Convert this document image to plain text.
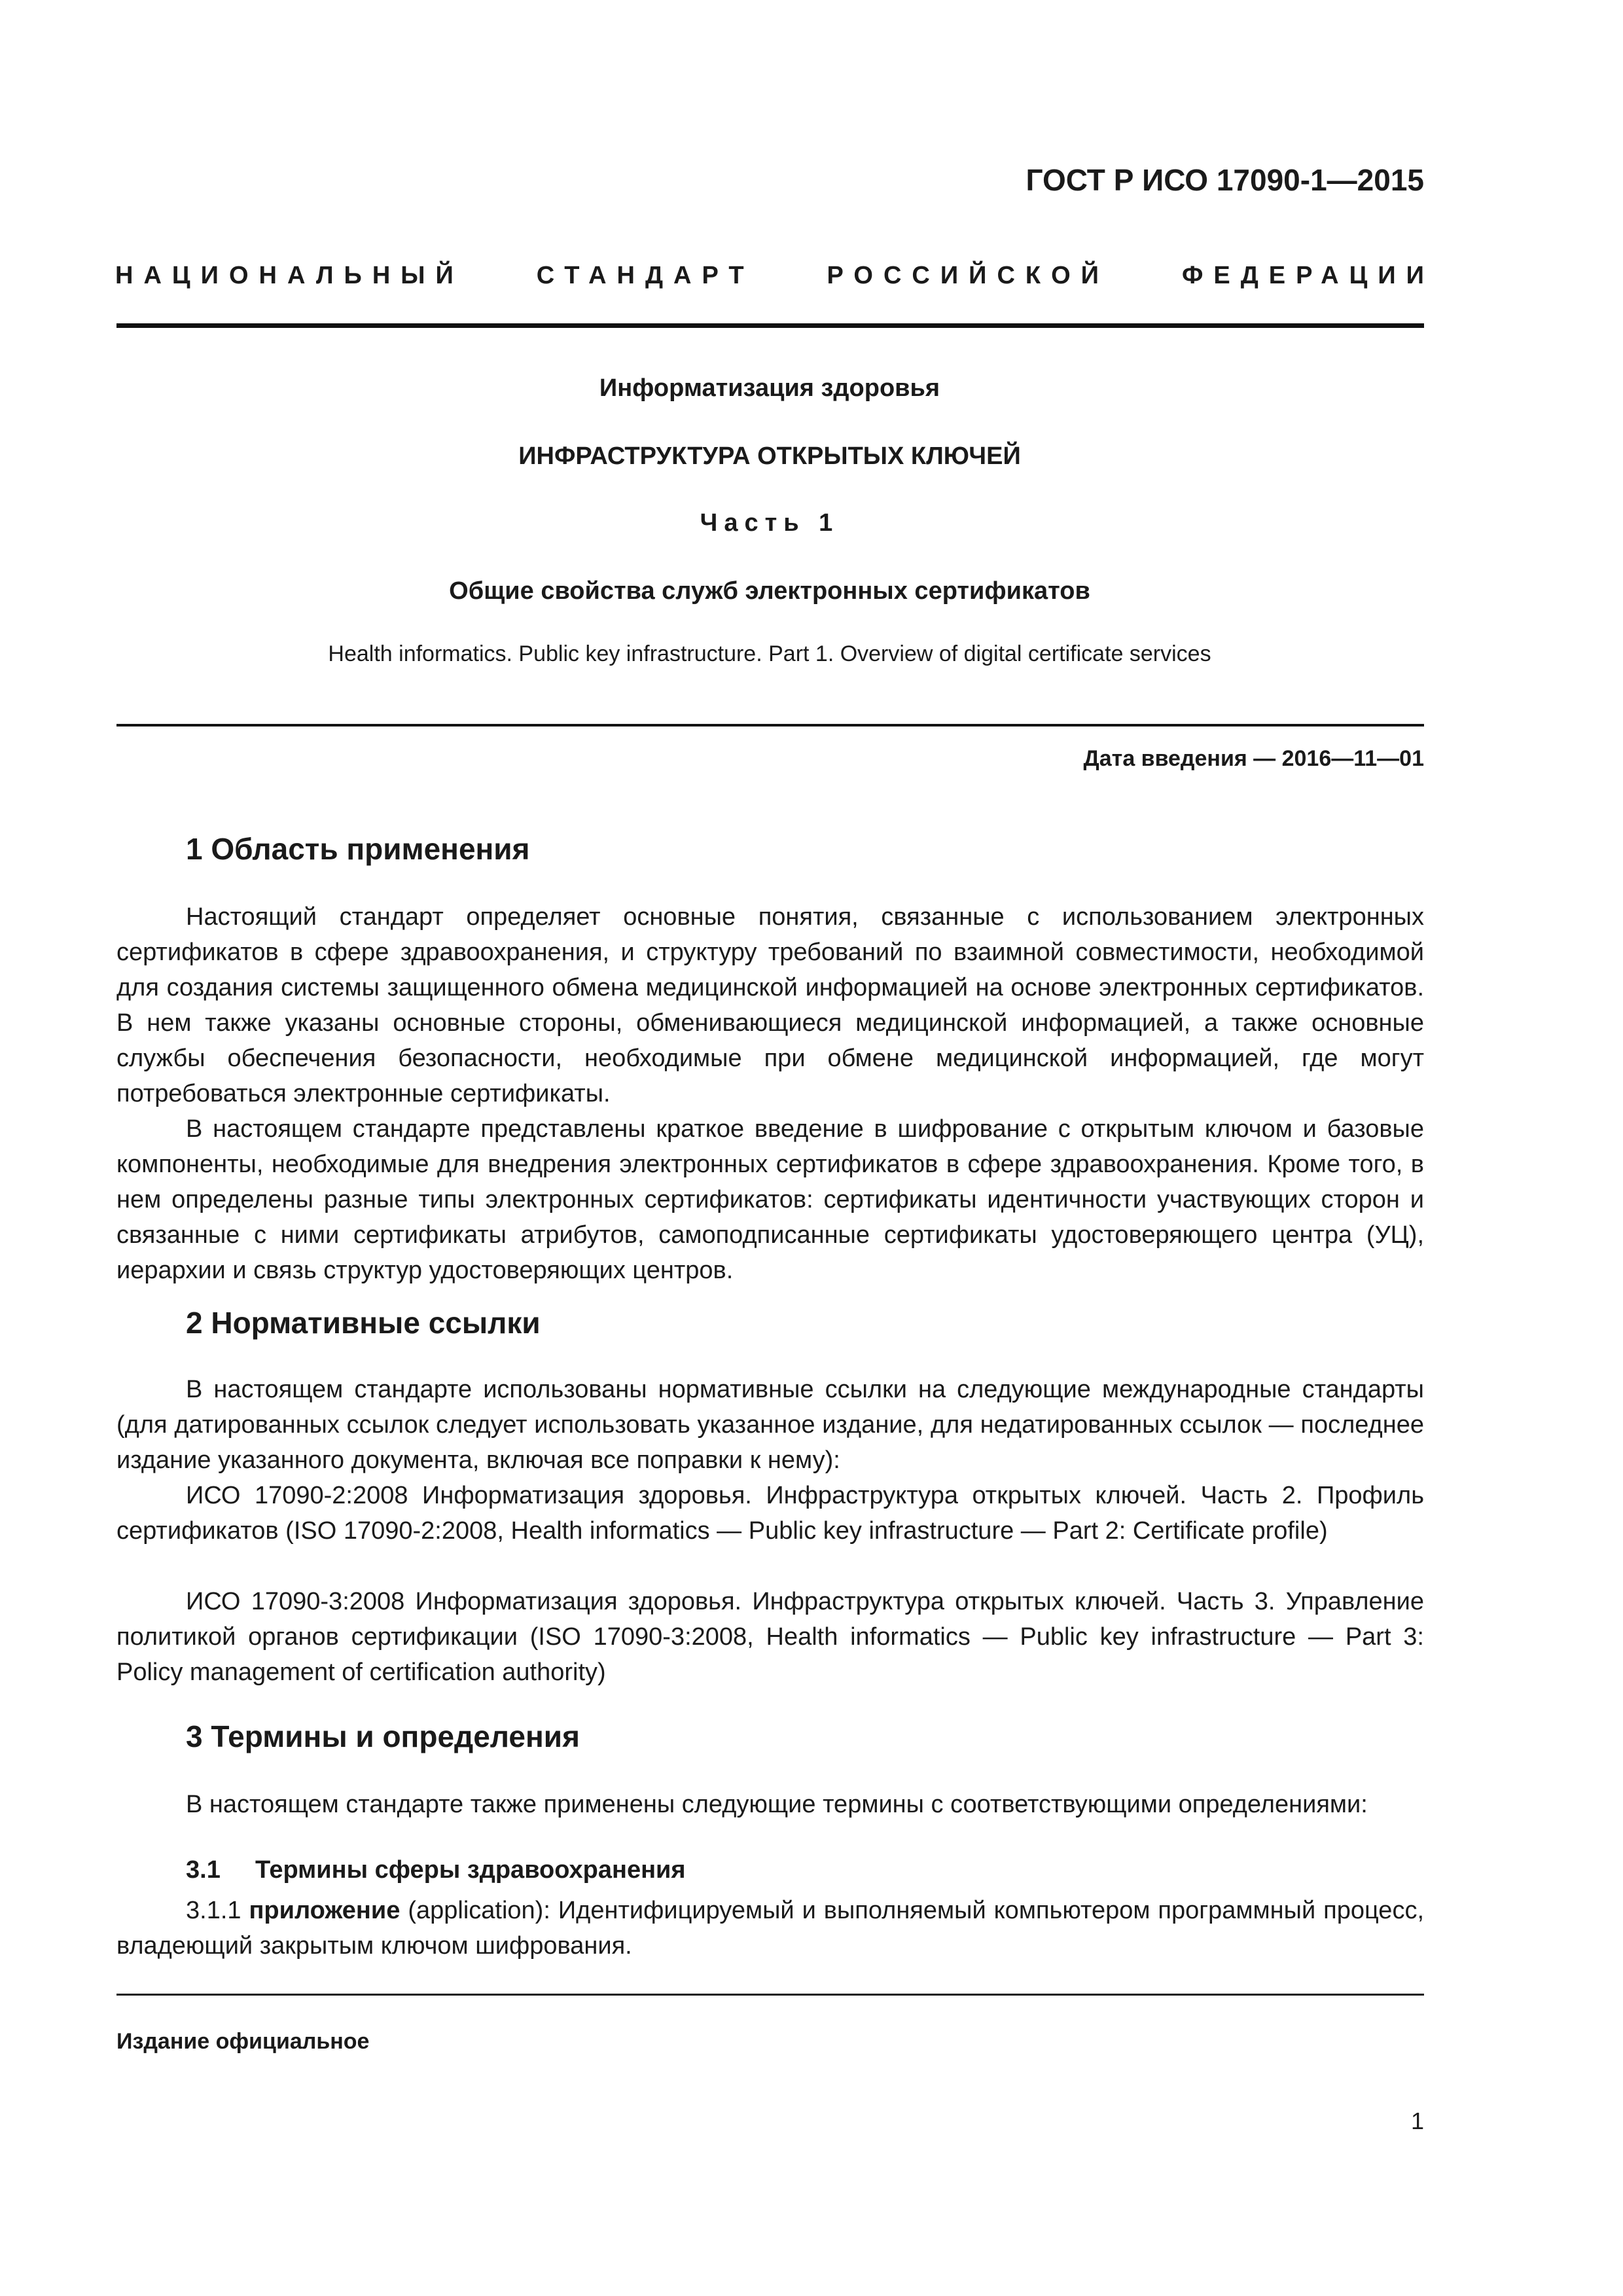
ГОСТ Р ИСО 17090-1—2015
НАЦИОНАЛЬНЫЙ	СТАНДАРТ	РОССИЙСКОЙ	ФЕДЕРАЦИИ
Информатизация здоровья
ИНФРАСТРУКТУРА ОТКРЫТЫХ КЛЮЧЕЙ
Часть 1
Общие свойства служб электронных сертификатов
Health informatics. Public key infrastructure. Part 1. Overview of digital certificate services
Дата введения — 2016—11—01
1 Область применения
Настоящий стандарт определяет основные понятия, связанные с использованием электронных сертификатов в сфере здравоохранения, и структуру требований по взаимной совместимости, необходимой для создания системы защищенного обмена медицинской информацией на основе электронных сертификатов. В нем также указаны основные стороны, обменивающиеся медицинской информацией, а также основные службы обеспечения безопасности, необходимые при обмене медицинской информацией, где могут потребоваться электронные сертификаты.
В настоящем стандарте представлены краткое введение в шифрование с открытым ключом и базовые компоненты, необходимые для внедрения электронных сертификатов в сфере здравоохранения. Кроме того, в нем определены разные типы электронных сертификатов: сертификаты идентичности участвующих сторон и связанные с ними сертификаты атрибутов, самоподписанные сертификаты удостоверяющего центра (УЦ), иерархии и связь структур удостоверяющих центров.
2 Нормативные ссылки
В настоящем стандарте использованы нормативные ссылки на следующие международные стандарты (для датированных ссылок следует использовать указанное издание, для недатированных ссылок — последнее издание указанного документа, включая все поправки к нему):
ИСО 17090-2:2008 Информатизация здоровья. Инфраструктура открытых ключей. Часть 2. Профиль сертификатов (ISO 17090-2:2008, Health informatics — Public key infrastructure — Part 2: Certificate profile)
ИСО 17090-3:2008 Информатизация здоровья. Инфраструктура открытых ключей. Часть 3. Управление политикой органов сертификации (ISO 17090-3:2008, Health informatics — Public key infrastructure — Part 3: Policy management of certification authority)
3 Термины и определения
В настоящем стандарте также применены следующие термины с соответствующими определениями:
3.1 Термины сферы здравоохранения
3.1.1 приложение (application): Идентифицируемый и выполняемый компьютером программный процесс, владеющий закрытым ключом шифрования.
Издание официальное
1
